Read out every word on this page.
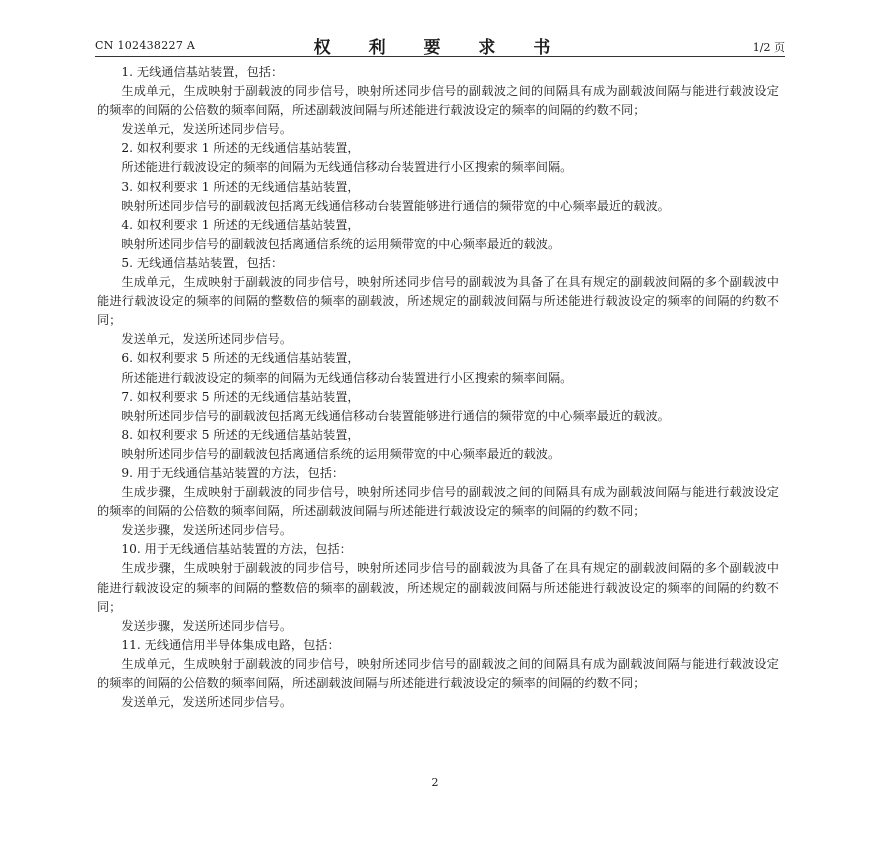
CN 102438227 A	权 利 要 求 书	1/2 页

1. 无线通信基站装置，包括：

生成单元，生成映射于副载波的同步信号，映射所述同步信号的副载波之间的间隔具有成为副载波间隔与能进行载波设定的频率的间隔的公倍数的频率间隔，所述副载波间隔与所述能进行载波设定的频率的间隔的约数不同；

发送单元，发送所述同步信号。

2. 如权利要求 1 所述的无线通信基站装置，

所述能进行载波设定的频率的间隔为无线通信移动台装置进行小区搜索的频率间隔。

3. 如权利要求 1 所述的无线通信基站装置，

映射所述同步信号的副载波包括离无线通信移动台装置能够进行通信的频带宽的中心频率最近的载波。

4. 如权利要求 1 所述的无线通信基站装置，

映射所述同步信号的副载波包括离通信系统的运用频带宽的中心频率最近的载波。

5. 无线通信基站装置，包括：

生成单元，生成映射于副载波的同步信号，映射所述同步信号的副载波为具备了在具有规定的副载波间隔的多个副载波中能进行载波设定的频率的间隔的整数倍的频率的副载波，所述规定的副载波间隔与所述能进行载波设定的频率的间隔的约数不同；

发送单元，发送所述同步信号。

6. 如权利要求 5 所述的无线通信基站装置，

所述能进行载波设定的频率的间隔为无线通信移动台装置进行小区搜索的频率间隔。

7. 如权利要求 5 所述的无线通信基站装置，

映射所述同步信号的副载波包括离无线通信移动台装置能够进行通信的频带宽的中心频率最近的载波。

8. 如权利要求 5 所述的无线通信基站装置，

映射所述同步信号的副载波包括离通信系统的运用频带宽的中心频率最近的载波。

9. 用于无线通信基站装置的方法，包括：

生成步骤，生成映射于副载波的同步信号，映射所述同步信号的副载波之间的间隔具有成为副载波间隔与能进行载波设定的频率的间隔的公倍数的频率间隔，所述副载波间隔与所述能进行载波设定的频率的间隔的约数不同；

发送步骤，发送所述同步信号。

10. 用于无线通信基站装置的方法，包括：

生成步骤，生成映射于副载波的同步信号，映射所述同步信号的副载波为具备了在具有规定的副载波间隔的多个副载波中能进行载波设定的频率的间隔的整数倍的频率的副载波，所述规定的副载波间隔与所述能进行载波设定的频率的间隔的约数不同；

发送步骤，发送所述同步信号。

11. 无线通信用半导体集成电路，包括：

生成单元，生成映射于副载波的同步信号，映射所述同步信号的副载波之间的间隔具有成为副载波间隔与能进行载波设定的频率的间隔的公倍数的频率间隔，所述副载波间隔与所述能进行载波设定的频率的间隔的约数不同；

发送单元，发送所述同步信号。

2
